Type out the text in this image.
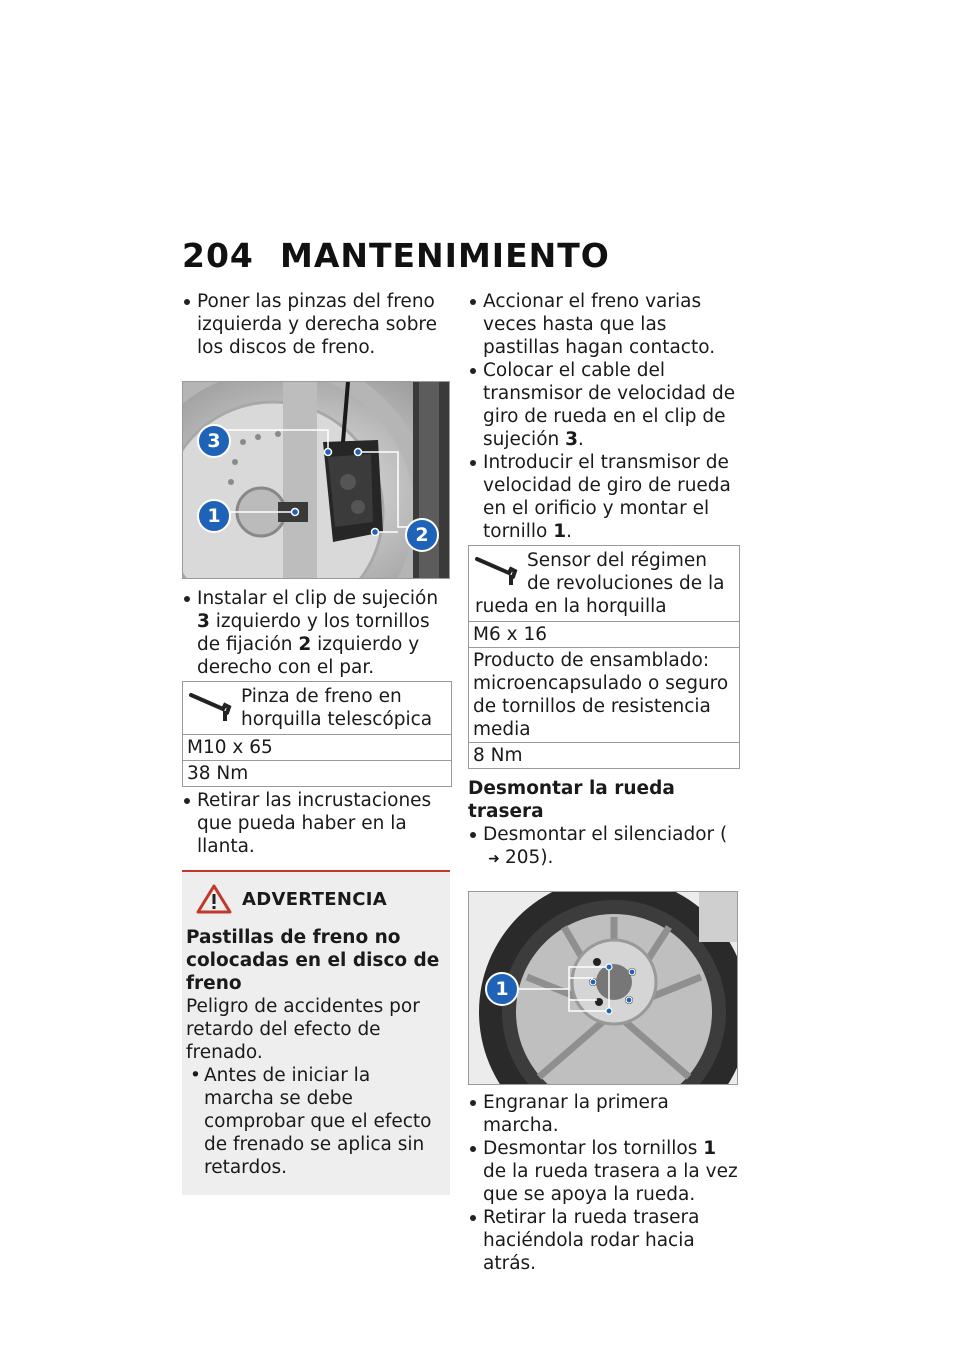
204 MANTENIMIENTO
Poner las pinzas del freno izquierda y derecha sobre los discos de freno.
3
1
2
Instalar el clip de sujeción 3 izquierdo y los tornillos de fijación 2 izquierdo y derecho con el par.
Pinza de freno en horquilla telescópica
M10 x 65
38 Nm
Retirar las incrustaciones que pueda haber en la llanta.
ADVERTENCIA
Pastillas de freno no colocadas en el disco de freno
Peligro de accidentes por retardo del efecto de frenado.
• Antes de iniciar la marcha se debe comprobar que el efecto de frenado se aplica sin retardos.
Accionar el freno varias veces hasta que las pastillas hagan contacto.
Colocar el cable del transmisor de velocidad de giro de rueda en el clip de sujeción 3.
Introducir el transmisor de velocidad de giro de rueda en el orificio y montar el tornillo 1.
Sensor del régimen de revoluciones de la rueda en la horquilla
M6 x 16
Producto de ensamblado: microencapsulado o seguro de tornillos de resistencia media
8 Nm
Desmontar la rueda trasera
Desmontar el silenciador (➜ 205).
1
Engranar la primera marcha.
Desmontar los tornillos 1 de la rueda trasera a la vez que se apoya la rueda.
Retirar la rueda trasera haciéndola rodar hacia atrás.
